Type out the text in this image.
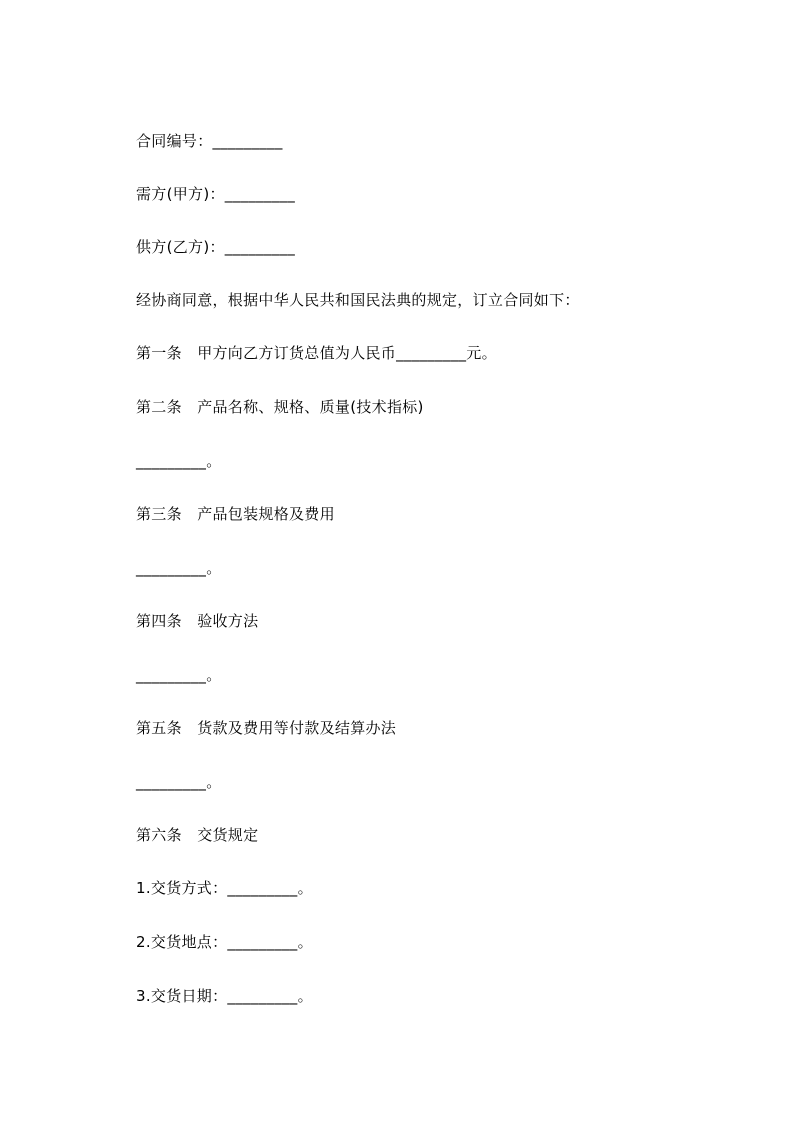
合同编号：_________
需方(甲方)：_________
供方(乙方)：_________
经协商同意，根据中华人民共和国民法典的规定，订立合同如下：
第一条　甲方向乙方订货总值为人民币_________元。
第二条　产品名称、规格、质量(技术指标)
_________。
第三条　产品包装规格及费用
_________。
第四条　验收方法
_________。
第五条　货款及费用等付款及结算办法
_________。
第六条　交货规定
1.交货方式：_________。
2.交货地点：_________。
3.交货日期：_________。
